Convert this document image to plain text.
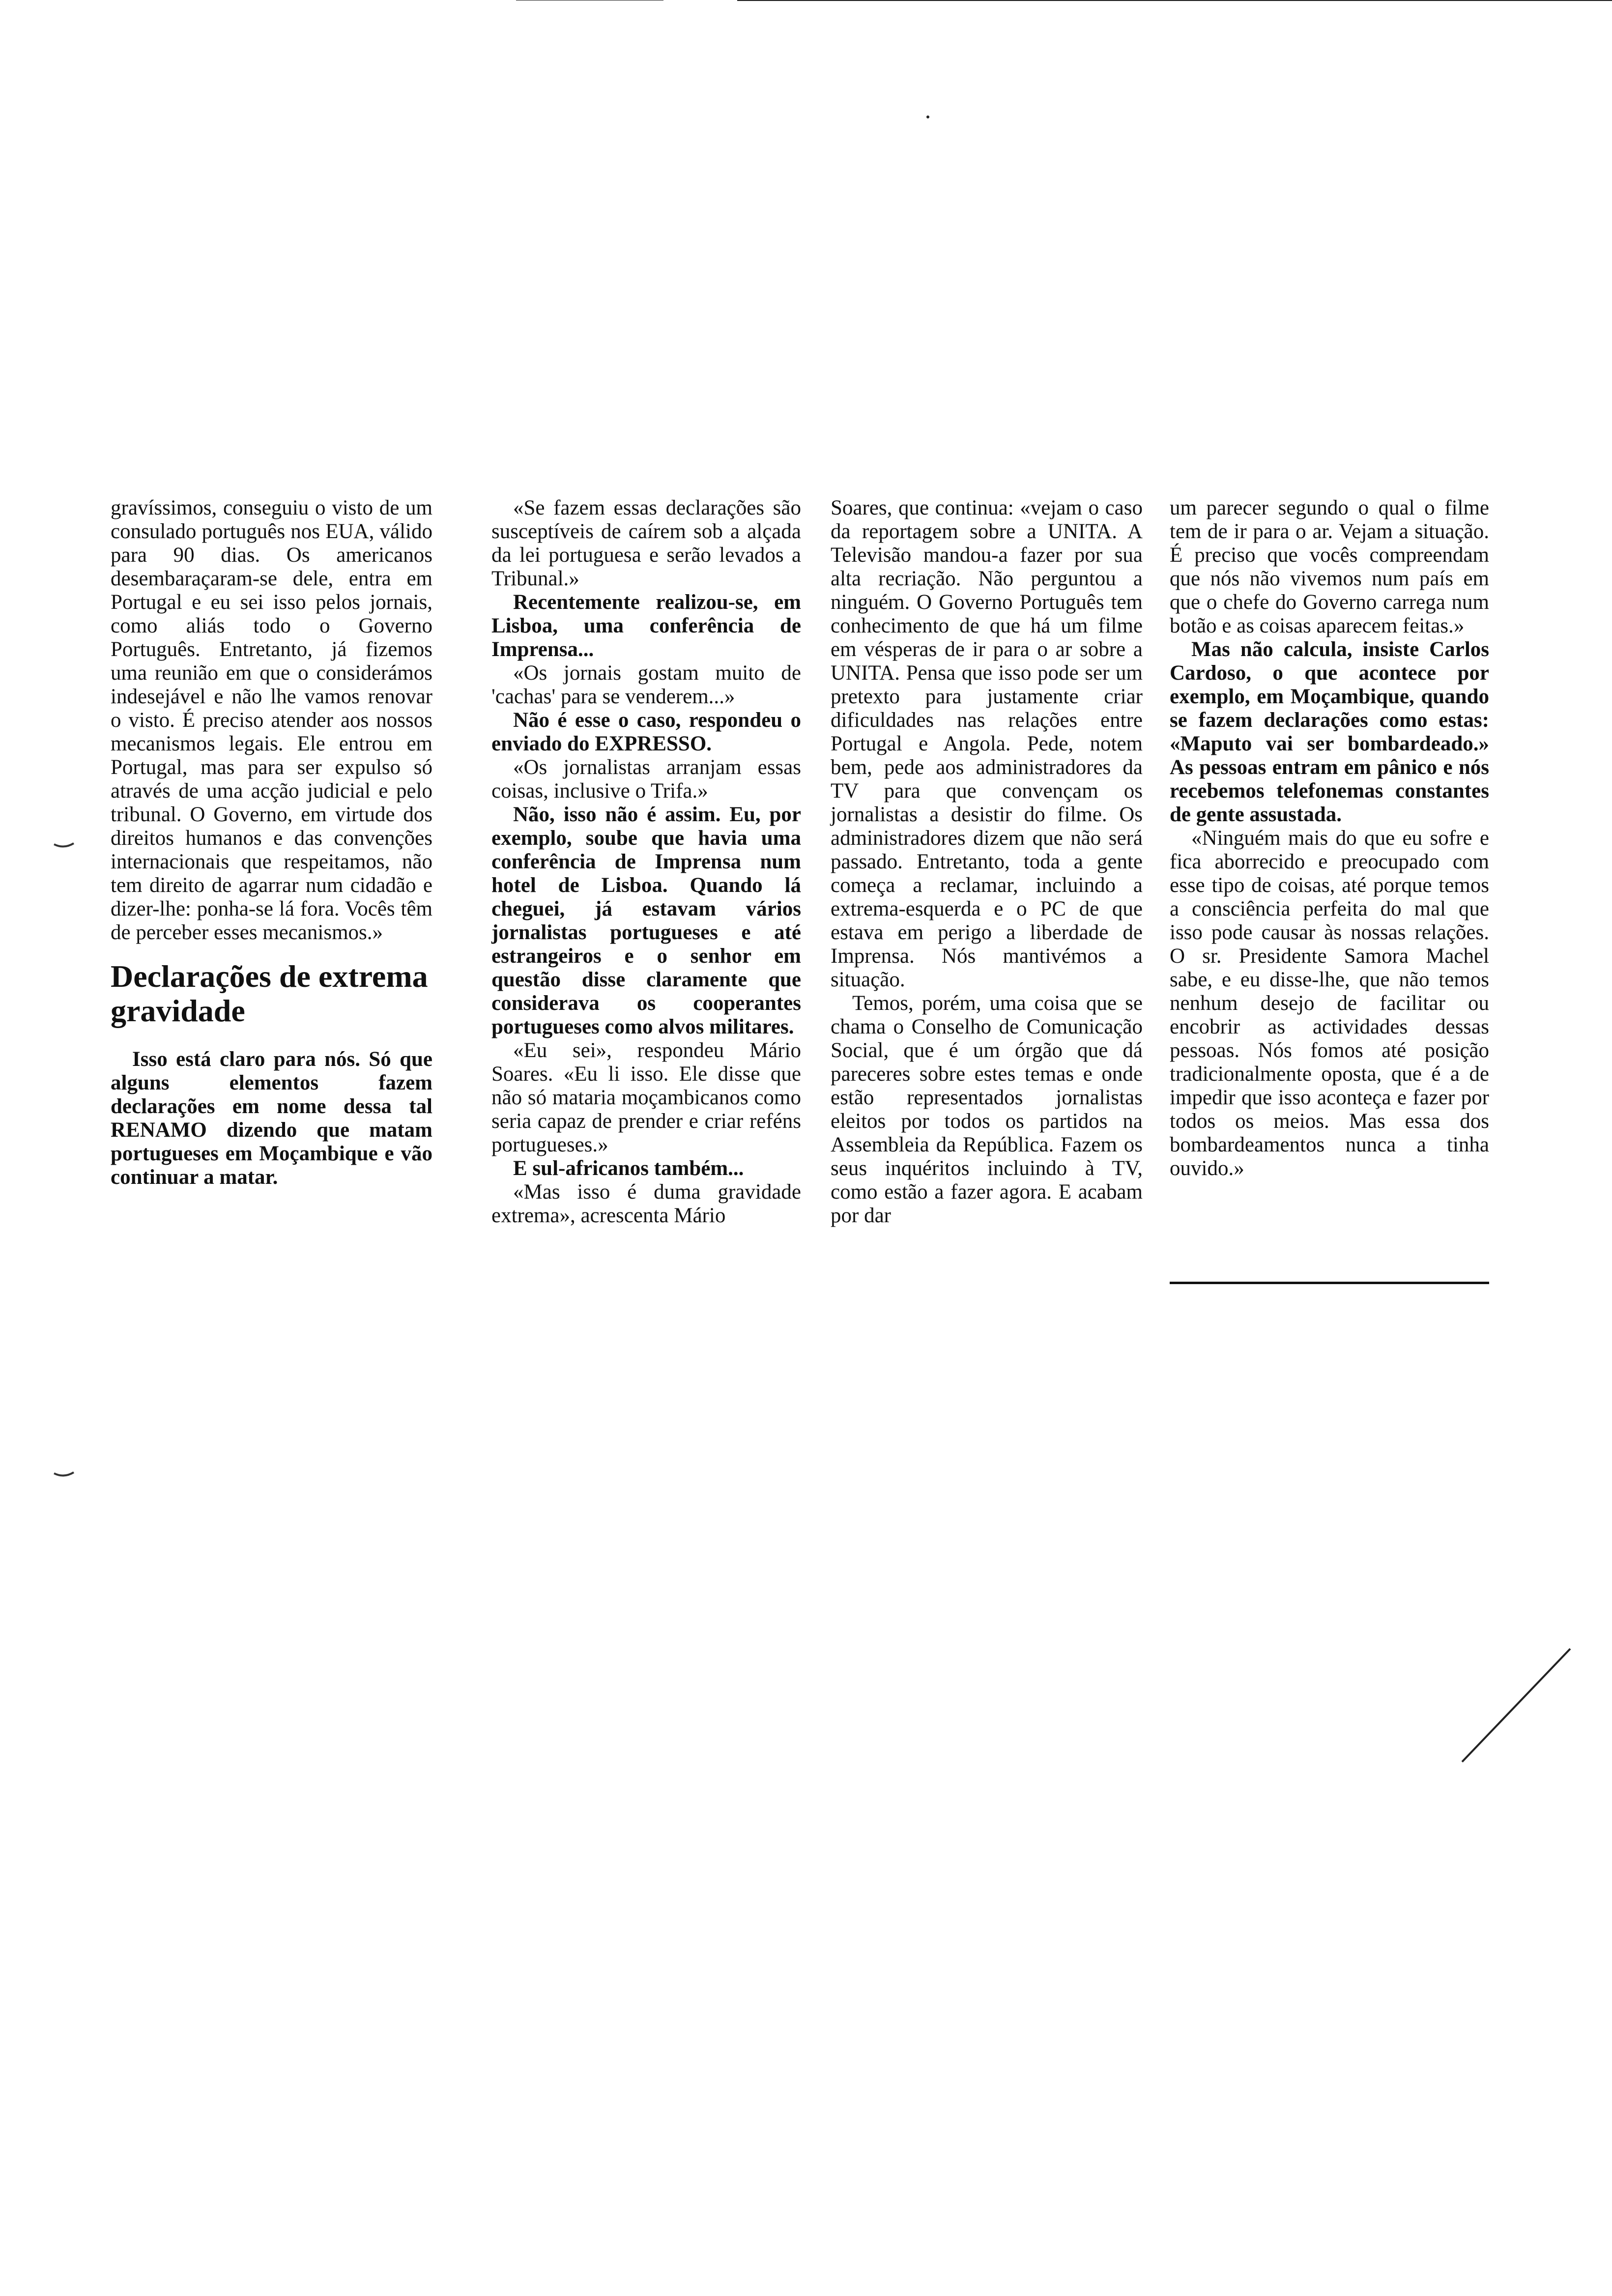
gravíssimos, conseguiu o visto de um consulado português nos EUA, válido para 90 dias. Os americanos desembaraçaram-se dele, entra em Portugal e eu sei isso pelos jornais, como aliás todo o Governo Português. Entretanto, já fizemos uma reunião em que o considerámos indesejável e não lhe vamos renovar o visto. É preciso atender aos nossos mecanismos legais. Ele entrou em Portugal, mas para ser expulso só através de uma acção judicial e pelo tribunal. O Governo, em virtude dos direitos humanos e das convenções internacionais que respeitamos, não tem direito de agarrar num cidadão e dizer-lhe: ponha-se lá fora. Vocês têm de perceber esses mecanismos.»

Declarações de extrema gravidade

Isso está claro para nós. Só que alguns elementos fazem declarações em nome dessa tal RENAMO dizendo que matam portugueses em Moçambique e vão continuar a matar.

«Se fazem essas declarações são susceptíveis de caírem sob a alçada da lei portuguesa e serão levados a Tribunal.»

Recentemente realizou-se, em Lisboa, uma conferência de Imprensa...

«Os jornais gostam muito de 'cachas' para se venderem...»

Não é esse o caso, respondeu o enviado do EXPRESSO.

«Os jornalistas arranjam essas coisas, inclusive o Trifa.»

Não, isso não é assim. Eu, por exemplo, soube que havia uma conferência de Imprensa num hotel de Lisboa. Quando lá cheguei, já estavam vários jornalistas portugueses e até estrangeiros e o senhor em questão disse claramente que considerava os cooperantes portugueses como alvos militares.

«Eu sei», respondeu Mário Soares. «Eu li isso. Ele disse que não só mataria moçambicanos como seria capaz de prender e criar reféns portugueses.»

E sul-africanos também...

«Mas isso é duma gravidade extrema», acrescenta Mário

Soares, que continua: «vejam o caso da reportagem sobre a UNITA. A Televisão mandou-a fazer por sua alta recriação. Não perguntou a ninguém. O Governo Português tem conhecimento de que há um filme em vésperas de ir para o ar sobre a UNITA. Pensa que isso pode ser um pretexto para justamente criar dificuldades nas relações entre Portugal e Angola. Pede, notem bem, pede aos administradores da TV para que convençam os jornalistas a desistir do filme. Os administradores dizem que não será passado. Entretanto, toda a gente começa a reclamar, incluindo a extrema-esquerda e o PC de que estava em perigo a liberdade de Imprensa. Nós mantivémos a situação.

Temos, porém, uma coisa que se chama o Conselho de Comunicação Social, que é um órgão que dá pareceres sobre estes temas e onde estão representados jornalistas eleitos por todos os partidos na Assembleia da República. Fazem os seus inquéritos incluindo à TV, como estão a fazer agora. E acabam por dar

um parecer segundo o qual o filme tem de ir para o ar. Vejam a situação. É preciso que vocês compreendam que nós não vivemos num país em que o chefe do Governo carrega num botão e as coisas aparecem feitas.»

Mas não calcula, insiste Carlos Cardoso, o que acontece por exemplo, em Moçambique, quando se fazem declarações como estas: «Maputo vai ser bombardeado.» As pessoas entram em pânico e nós recebemos telefonemas constantes de gente assustada.

«Ninguém mais do que eu sofre e fica aborrecido e preocupado com esse tipo de coisas, até porque temos a consciência perfeita do mal que isso pode causar às nossas relações. O sr. Presidente Samora Machel sabe, e eu disse-lhe, que não temos nenhum desejo de facilitar ou encobrir as actividades dessas pessoas. Nós fomos até posição tradicionalmente oposta, que é a de impedir que isso aconteça e fazer por todos os meios. Mas essa dos bombardeamentos nunca a tinha ouvido.»
